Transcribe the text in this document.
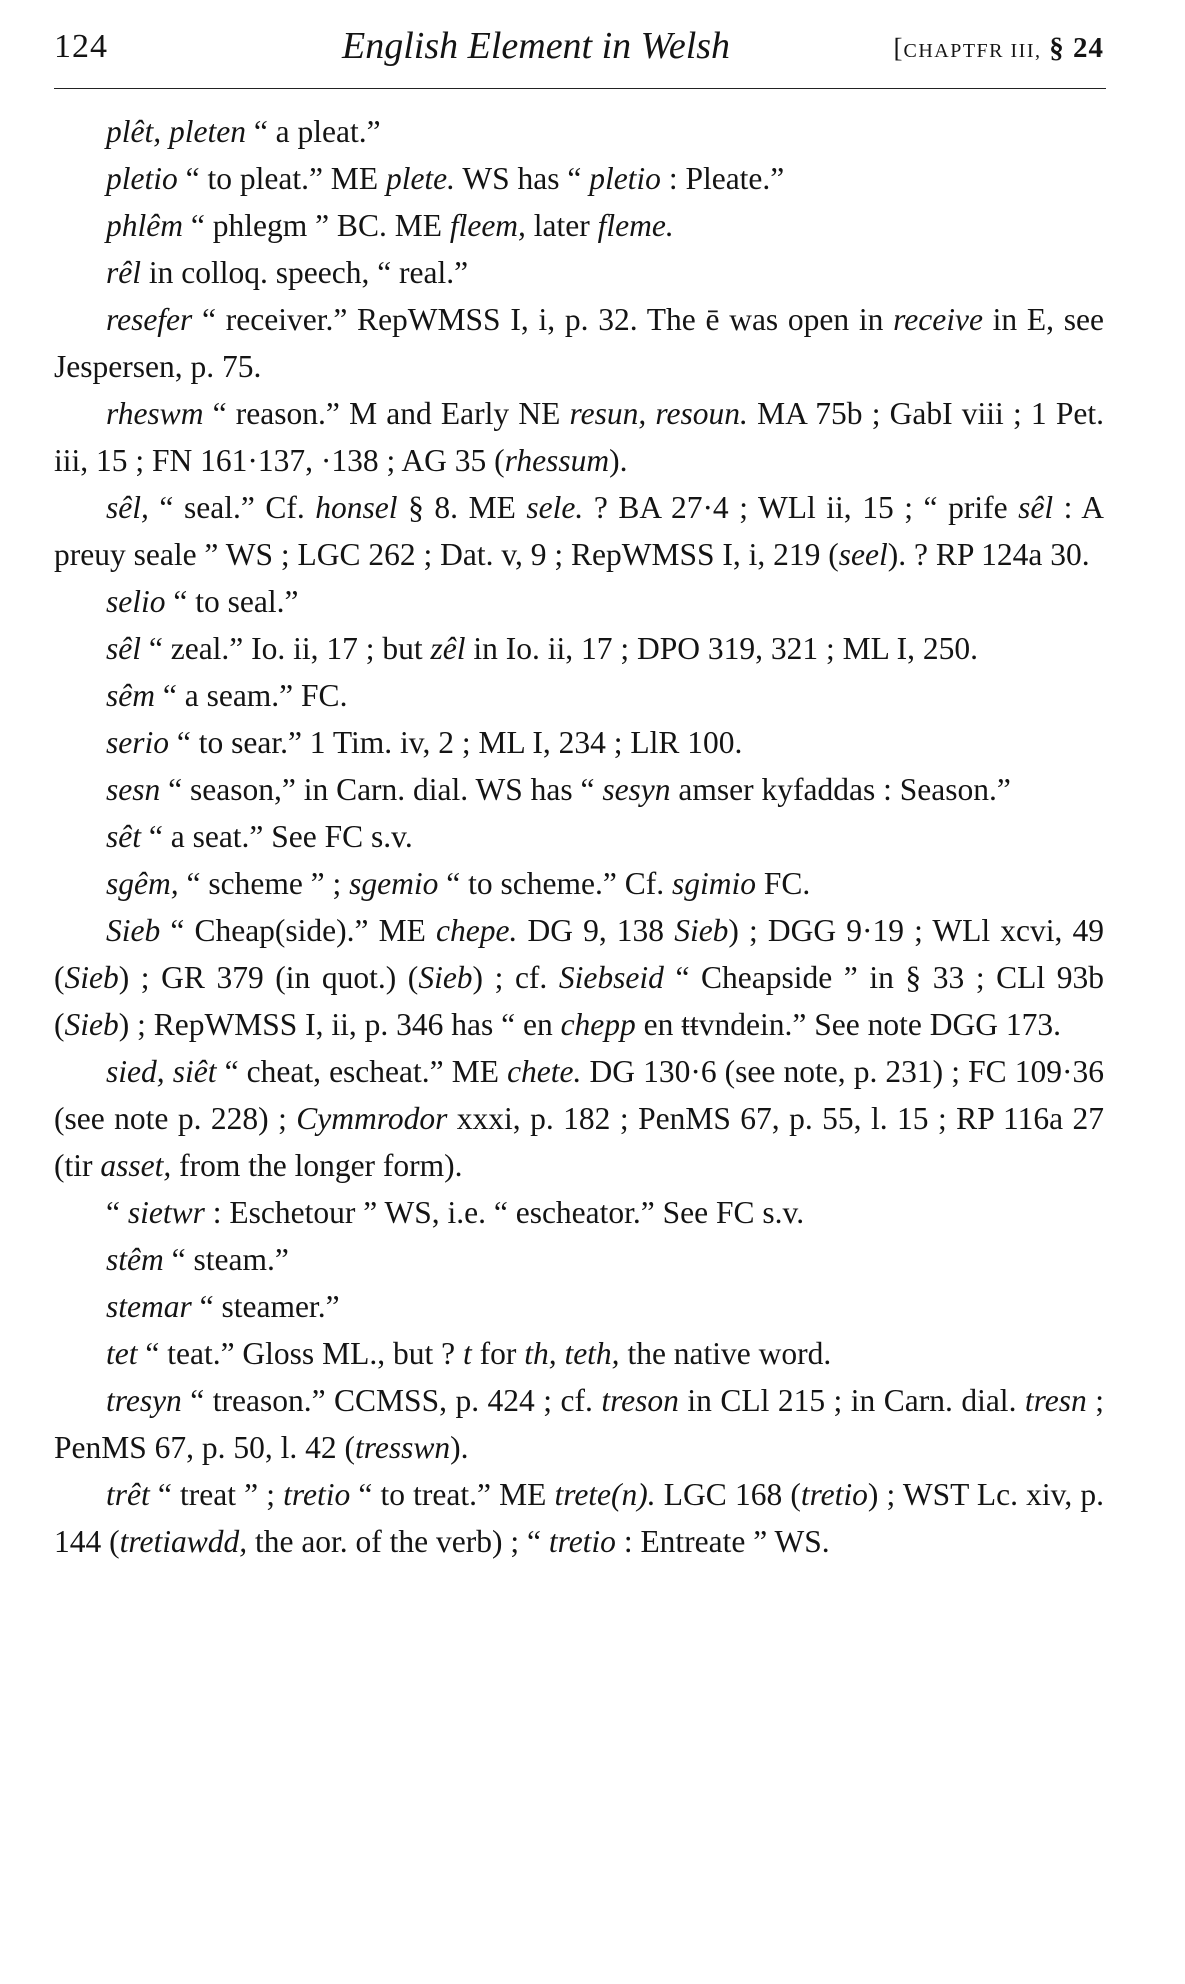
124	English Element in Welsh	[CHAPTFR III, § 24

plêt, pleten “ a pleat.”

pletio “ to pleat.” ME plete. WS has “ pletio : Pleate.”

phlêm “ phlegm ” BC. ME fleem, later fleme.

rêl in colloq. speech, “ real.”

resefer “ receiver.” RepWMSS I, i, p. 32. The ē was open in receive in E, see Jespersen, p. 75.

rheswm “ reason.” M and Early NE resun, resoun. MA 75b ; GabI viii ; 1 Pet. iii, 15 ; FN 161·137, ·138 ; AG 35 (rhessum).

sêl, “ seal.” Cf. honsel § 8. ME sele. ? BA 27·4 ; WLl ii, 15 ; “ prife sêl : A preuy seale ” WS ; LGC 262 ; Dat. v, 9 ; RepWMSS I, i, 219 (seel). ? RP 124a 30.

selio “ to seal.”

sêl “ zeal.” Io. ii, 17 ; but zêl in Io. ii, 17 ; DPO 319, 321 ; ML I, 250.

sêm “ a seam.” FC.

serio “ to sear.” 1 Tim. iv, 2 ; ML I, 234 ; LlR 100.

sesn “ season,” in Carn. dial. WS has “ sesyn amser kyfaddas : Season.”

sêt “ a seat.” See FC s.v.

sgêm, “ scheme ” ; sgemio “ to scheme.” Cf. sgimio FC.

Sieb “ Cheap(side).” ME chepe. DG 9, 138 Sieb) ; DGG 9·19 ; WLl xcvi, 49 (Sieb) ; GR 379 (in quot.) (Sieb) ; cf. Siebseid “ Cheapside ” in § 33 ; CLl 93b (Sieb) ; RepWMSS I, ii, p. 346 has “ en chepp en ŧŧvndein.” See note DGG 173.

sied, siêt “ cheat, escheat.” ME chete. DG 130·6 (see note, p. 231) ; FC 109·36 (see note p. 228) ; Cymmrodor xxxi, p. 182 ; PenMS 67, p. 55, l. 15 ; RP 116a 27 (tir asset, from the longer form).

“ sietwr : Eschetour ” WS, i.e. “ escheator.” See FC s.v.

stêm “ steam.”

stemar “ steamer.”

tet “ teat.” Gloss ML., but ? t for th, teth, the native word.

tresyn “ treason.” CCMSS, p. 424 ; cf. treson in CLl 215 ; in Carn. dial. tresn ; PenMS 67, p. 50, l. 42 (tresswn).

trêt “ treat ” ; tretio “ to treat.” ME trete(n). LGC 168 (tretio) ; WST Lc. xiv, p. 144 (tretiawdd, the aor. of the verb) ; “ tretio : Entreate ” WS.
